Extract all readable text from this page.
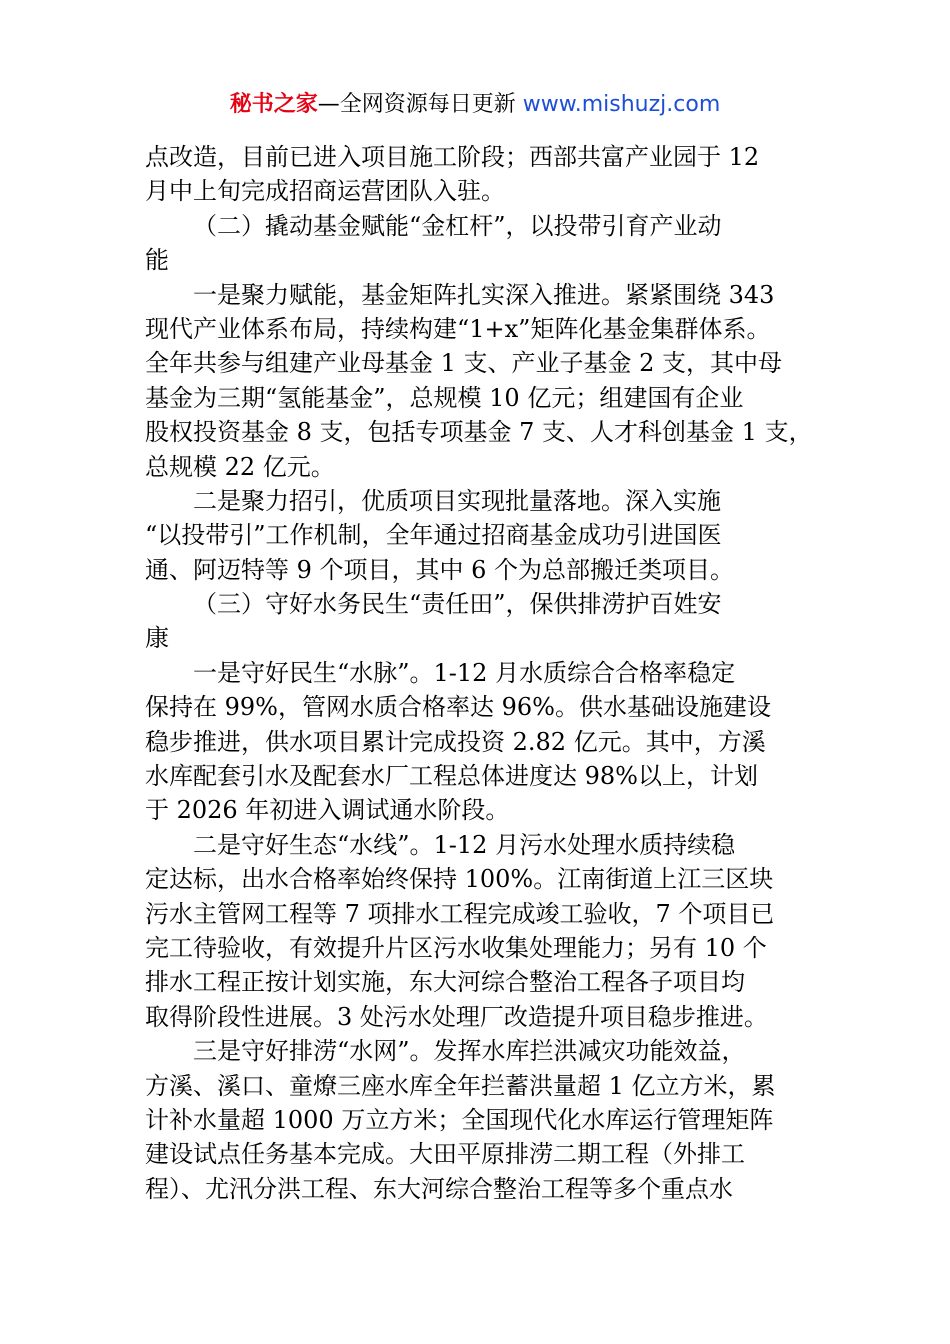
秘书之家—全网资源每日更新 www.mishuzj.com
点改造，目前已进入项目施工阶段；西部共富产业园于 12
月中上旬完成招商运营团队入驻。
（二）撬动基金赋能“金杠杆”，以投带引育产业动
能
一是聚力赋能，基金矩阵扎实深入推进。紧紧围绕 343
现代产业体系布局，持续构建“1+x”矩阵化基金集群体系。
全年共参与组建产业母基金 1 支、产业子基金 2 支，其中母
基金为三期“氢能基金”，总规模 10 亿元；组建国有企业
股权投资基金 8 支，包括专项基金 7 支、人才科创基金 1 支，
总规模 22 亿元。
二是聚力招引，优质项目实现批量落地。深入实施
“以投带引”工作机制，全年通过招商基金成功引进国医
通、阿迈特等 9 个项目，其中 6 个为总部搬迁类项目。
（三）守好水务民生“责任田”，保供排涝护百姓安
康
一是守好民生“水脉”。1-12 月水质综合合格率稳定
保持在 99%，管网水质合格率达 96%。供水基础设施建设
稳步推进，供水项目累计完成投资 2.82 亿元。其中，方溪
水库配套引水及配套水厂工程总体进度达 98%以上，计划
于 2026 年初进入调试通水阶段。
二是守好生态“水线”。1-12 月污水处理水质持续稳
定达标，出水合格率始终保持 100%。江南街道上江三区块
污水主管网工程等 7 项排水工程完成竣工验收，7 个项目已
完工待验收，有效提升片区污水收集处理能力；另有 10 个
排水工程正按计划实施，东大河综合整治工程各子项目均
取得阶段性进展。3 处污水处理厂改造提升项目稳步推进。
三是守好排涝“水网”。发挥水库拦洪减灾功能效益，
方溪、溪口、童燎三座水库全年拦蓄洪量超 1 亿立方米，累
计补水量超 1000 万立方米；全国现代化水库运行管理矩阵
建设试点任务基本完成。大田平原排涝二期工程（外排工
程）、尤汛分洪工程、东大河综合整治工程等多个重点水
